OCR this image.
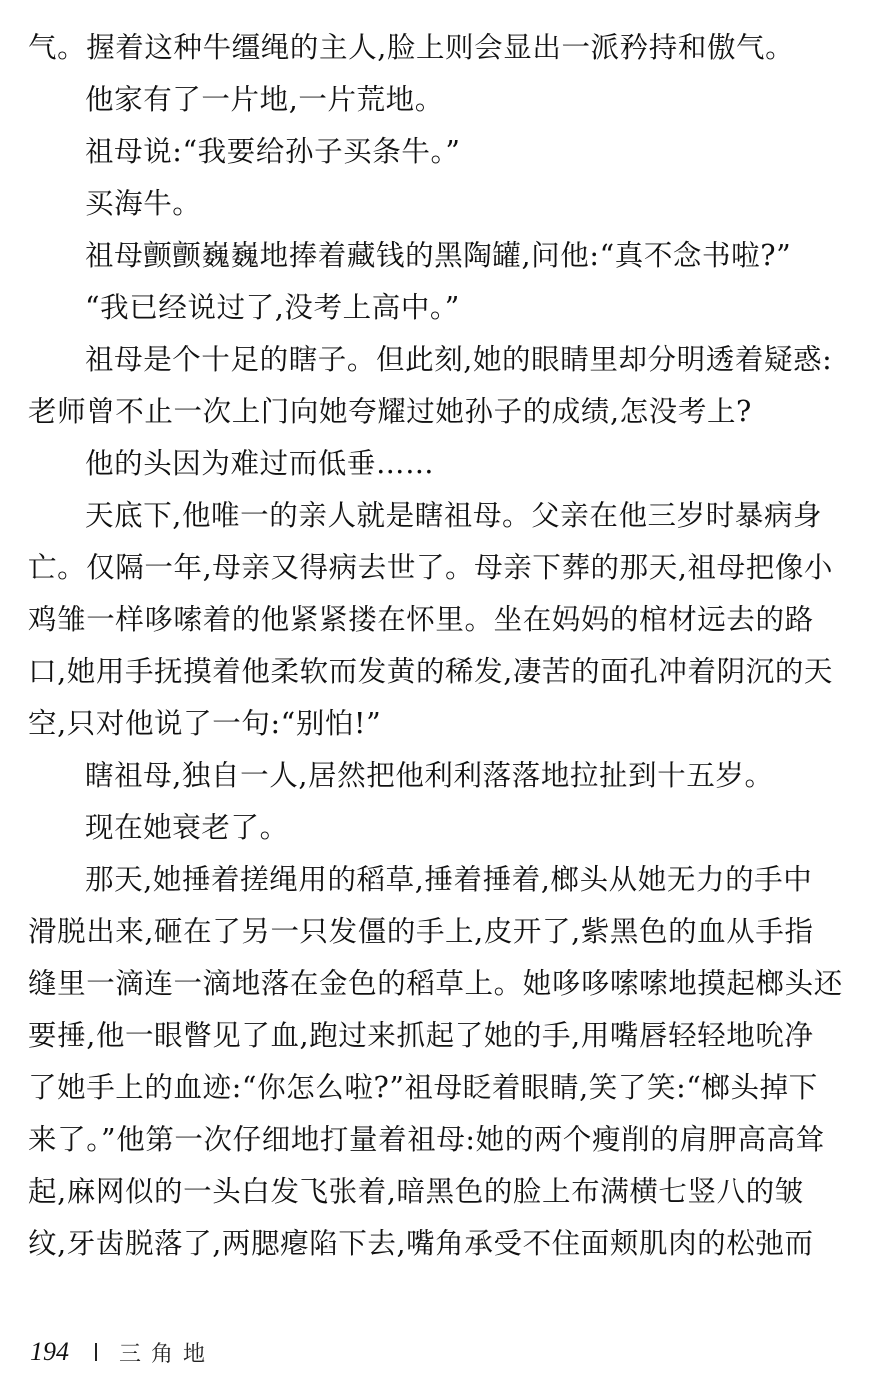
气。握着这种牛缰绳的主人,脸上则会显出一派矜持和傲气。
他家有了一片地,一片荒地。
祖母说:“我要给孙子买条牛。”
买海牛。
祖母颤颤巍巍地捧着藏钱的黑陶罐,问他:“真不念书啦?”
“我已经说过了,没考上高中。”
祖母是个十足的瞎子。但此刻,她的眼睛里却分明透着疑惑:
老师曾不止一次上门向她夸耀过她孙子的成绩,怎没考上?
他的头因为难过而低垂……
天底下,他唯一的亲人就是瞎祖母。父亲在他三岁时暴病身
亡。仅隔一年,母亲又得病去世了。母亲下葬的那天,祖母把像小
鸡雏一样哆嗦着的他紧紧搂在怀里。坐在妈妈的棺材远去的路
口,她用手抚摸着他柔软而发黄的稀发,凄苦的面孔冲着阴沉的天
空,只对他说了一句:“别怕!”
瞎祖母,独自一人,居然把他利利落落地拉扯到十五岁。
现在她衰老了。
那天,她捶着搓绳用的稻草,捶着捶着,榔头从她无力的手中
滑脱出来,砸在了另一只发僵的手上,皮开了,紫黑色的血从手指
缝里一滴连一滴地落在金色的稻草上。她哆哆嗦嗦地摸起榔头还
要捶,他一眼瞥见了血,跑过来抓起了她的手,用嘴唇轻轻地吮净
了她手上的血迹:“你怎么啦?”祖母眨着眼睛,笑了笑:“榔头掉下
来了。”他第一次仔细地打量着祖母:她的两个瘦削的肩胛高高耸
起,麻网似的一头白发飞张着,暗黑色的脸上布满横七竖八的皱
纹,牙齿脱落了,两腮瘪陷下去,嘴角承受不住面颊肌肉的松弛而
194 三角地
